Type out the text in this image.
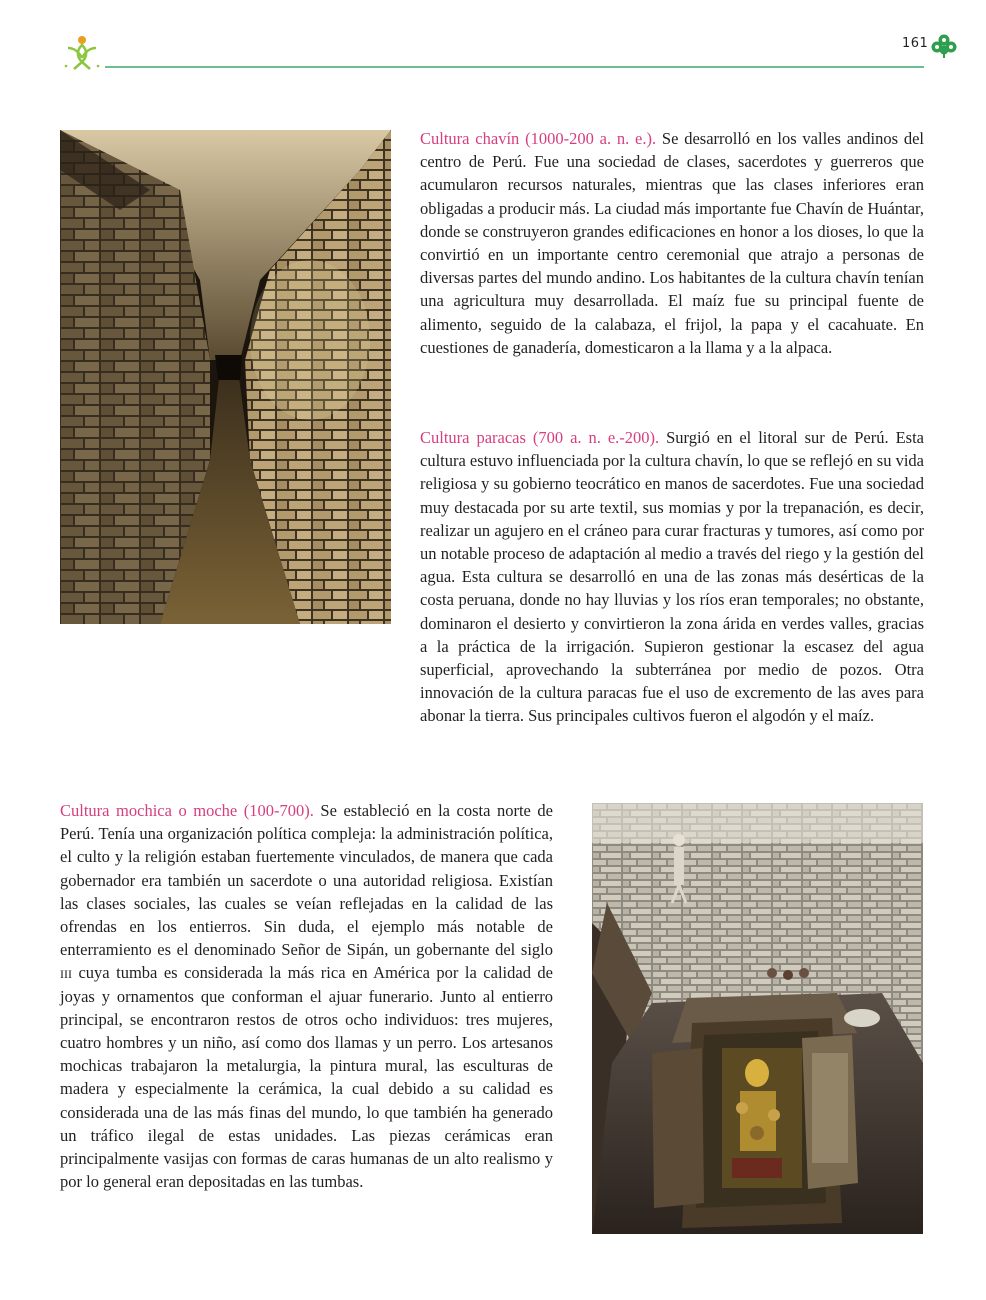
161

Cultura chavín (1000-200 a. n. e.). Se desarrolló en los valles andinos del centro de Perú. Fue una sociedad de clases, sacerdotes y guerreros que acumularon recursos naturales, mientras que las clases inferiores eran obligadas a producir más. La ciudad más importante fue Chavín de Huántar, donde se construyeron grandes edificaciones en honor a los dioses, lo que la convirtió en un importante centro ceremonial que atrajo a personas de diversas partes del mundo andino. Los habitantes de la cultura chavín tenían una agricultura muy desarrollada. El maíz fue su principal fuente de alimento, seguido de la calabaza, el frijol, la papa y el cacahuate. En cuestiones de ganadería, domesticaron a la llama y a la alpaca.

Cultura paracas (700 a. n. e.-200). Surgió en el litoral sur de Perú. Esta cultura estuvo influenciada por la cultura chavín, lo que se reflejó en su vida religiosa y su gobierno teocrático en manos de sacerdotes. Fue una sociedad muy destacada por su arte textil, sus momias y por la trepanación, es decir, realizar un agujero en el cráneo para curar fracturas y tumores, así como por un notable proceso de adaptación al medio a través del riego y la gestión del agua. Esta cultura se desarrolló en una de las zonas más desérticas de la costa peruana, donde no hay lluvias y los ríos eran temporales; no obstante, dominaron el desierto y convirtieron la zona árida en verdes valles, gracias a la práctica de la irrigación. Supieron gestionar la escasez del agua superficial, aprovechando la subterránea por medio de pozos. Otra innovación de la cultura paracas fue el uso de excremento de las aves para abonar la tierra. Sus principales cultivos fueron el algodón y el maíz.

Cultura mochica o moche (100-700). Se estableció en la costa norte de Perú. Tenía una organización política compleja: la administración política, el culto y la religión estaban fuertemente vinculados, de manera que cada gobernador era también un sacerdote o una autoridad religiosa. Existían las clases sociales, las cuales se veían reflejadas en la calidad de las ofrendas en los entierros. Sin duda, el ejemplo más notable de enterramiento es el denominado Señor de Sipán, un gobernante del siglo iii cuya tumba es considerada la más rica en América por la calidad de joyas y ornamentos que conforman el ajuar funerario. Junto al entierro principal, se encontraron restos de otros ocho individuos: tres mujeres, cuatro hombres y un niño, así como dos llamas y un perro. Los artesanos mochicas trabajaron la metalurgia, la pintura mural, las esculturas de madera y especialmente la cerámica, la cual debido a su calidad es considerada una de las más finas del mundo, lo que también ha generado un tráfico ilegal de estas unidades. Las piezas cerámicas eran principalmente vasijas con formas de caras humanas de un alto realismo y por lo general eran depositadas en las tumbas.
